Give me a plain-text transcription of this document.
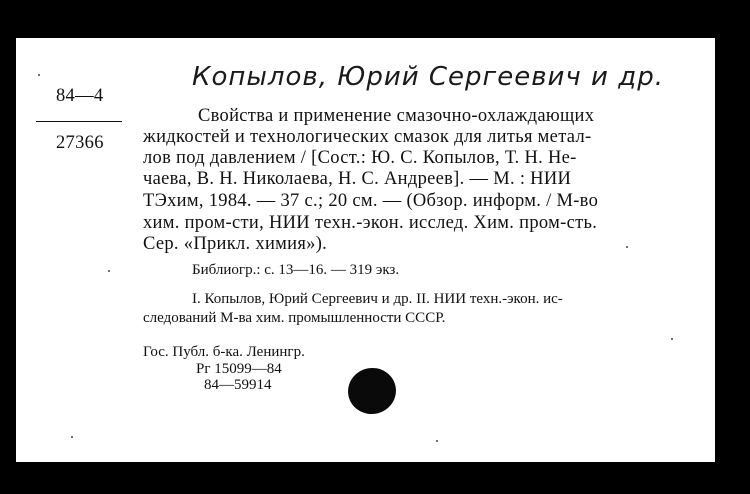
Копылов, Юрий Сергеевич и др.
84—4
27366
Свойства и применение смазочно-охлаждающих
жидкостей и технологических смазок для литья метал-
лов под давлением / [Сост.: Ю. С. Копылов, Т. Н. Не-
чаева, В. Н. Николаева, Н. С. Андреев]. — М. : НИИ
ТЭхим, 1984. — 37 с.; 20 см. — (Обзор. информ. / М-во
хим. пром-сти, НИИ техн.-экон. исслед. Хим. пром-сть.
Сер. «Прикл. химия»).
Библиогр.: с. 13—16. — 319 экз.
I. Копылов, Юрий Сергеевич и др. II. НИИ техн.-экон. ис-
следований М-ва хим. промышленности СССР.
Гос. Публ. б-ка. Ленингр.
Рг 15099—84
84—59914
